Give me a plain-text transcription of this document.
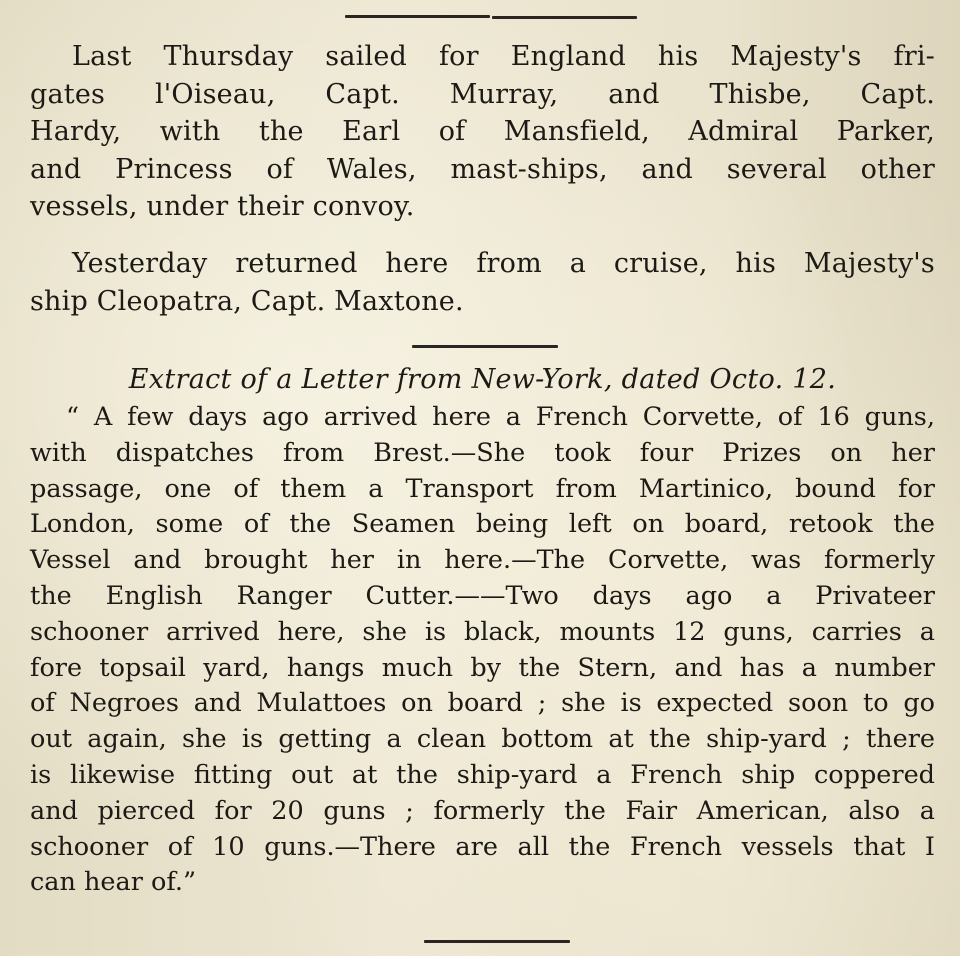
Last Thursday sailed for England his Majesty's fri-
gates l'Oiseau, Capt. Murray, and Thisbe, Capt.
Hardy, with the Earl of Mansfield, Admiral Parker,
and Princess of Wales, mast-ships, and several other
vessels, under their convoy.
Yesterday returned here from a cruise, his Majesty's
ship Cleopatra, Capt. Maxtone.
Extract of a Letter from New-York, dated Octo. 12.
“ A few days ago arrived here a French Corvette, of 16 guns,
with dispatches from Brest.—She took four Prizes on her
passage, one of them a Transport from Martinico, bound for
London, some of the Seamen being left on board, retook the
Vessel and brought her in here.—The Corvette, was formerly
the English Ranger Cutter.——Two days ago a Privateer
schooner arrived here, she is black, mounts 12 guns, carries a
fore topsail yard, hangs much by the Stern, and has a number
of Negroes and Mulattoes on board ; she is expected soon to go
out again, she is getting a clean bottom at the ship-yard ; there
is likewise fitting out at the ship-yard a French ship coppered
and pierced for 20 guns ; formerly the Fair American, also a
schooner of 10 guns.—There are all the French vessels that I
can hear of.”
